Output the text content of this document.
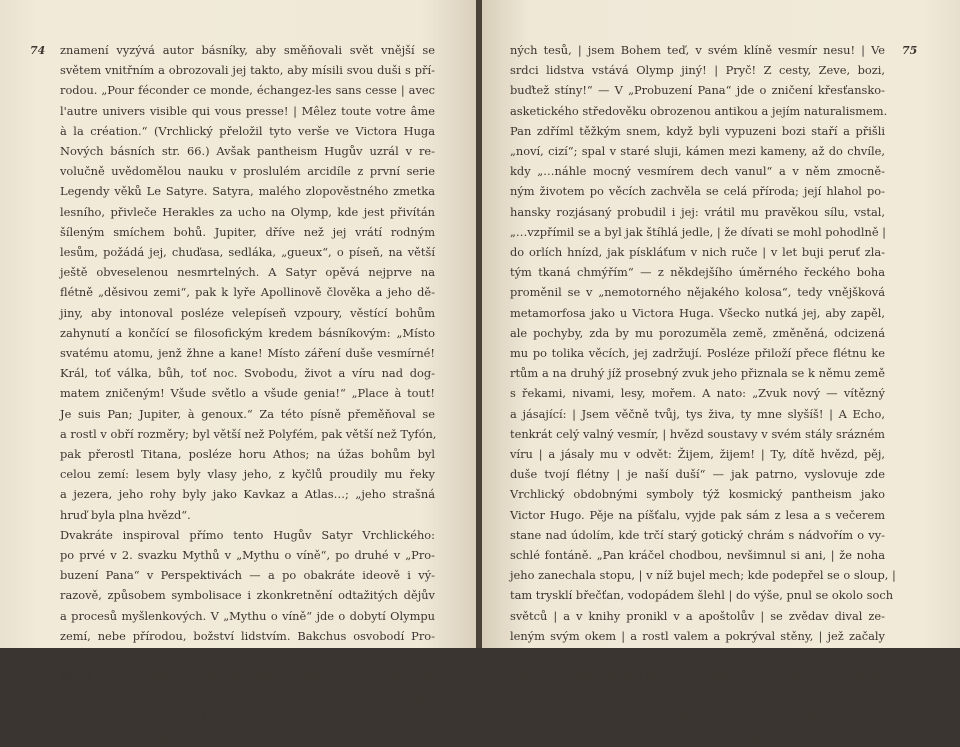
74 znamení vyzývá autor básníky, aby směňovali svět vnější se
světem vnitřním a obrozovali jej takto, aby mísili svou duši s pří-
rodou. „Pour féconder ce monde, échangez-les sans cesse | avec
l'autre univers visible qui vous presse! | Mêlez toute votre âme
à la création.“ (Vrchlický přeložil tyto verše ve Victora Huga
Nových básních str. 66.) Avšak pantheism Hugův uzrál v re-
volučně uvědomělou nauku v proslulém arcidíle z první serie
Legendy věků Le Satyre. Satyra, malého zlopověstného zmetka
lesního, přivleče Herakles za ucho na Olymp, kde jest přivítán
šíleným smíchem bohů. Jupiter, dříve než jej vrátí rodným
lesům, požádá jej, chuďasa, sedláka, „gueux“, o píseň, na větší
ještě obveselenou nesmrtelných. A Satyr opěvá nejprve na
flétně „děsivou zemi“, pak k lyře Apollinově člověka a jeho dě-
jiny, aby intonoval posléze velepíseň vzpoury, věstící bohům
zahynutí a končící se filosofickým kredem básníkovým: „Místo
svatému atomu, jenž žhne a kane! Místo záření duše vesmírné!
Král, toť válka, bůh, toť noc. Svobodu, život a víru nad dog-
matem zničeným! Všude světlo a všude genia!“ „Place à tout!
Je suis Pan; Jupiter, à genoux.“ Za této písně přeměňoval se
a rostl v obří rozměry; byl větší než Polyfém, pak větší než Tyfón,
pak přerostl Titana, posléze horu Athos; na úžas bohům byl
celou zemí: lesem byly vlasy jeho, z kyčlů proudily mu řeky
a jezera, jeho rohy byly jako Kavkaz a Atlas…; „jeho strašná
hruď byla plna hvězd“.
Dvakráte inspiroval přímo tento Hugův Satyr Vrchlického:
po prvé v 2. svazku Mythů v „Mythu o víně“, po druhé v „Pro-
buzení Pana“ v Perspektivách — a po obakráte ideově i vý-
razově, způsobem symbolisace i zkonkretnění odtažitých dějův
a procesů myšlenkových. V „Mythu o víně“ jde o dobytí Olympu
zemí, nebe přírodou, božství lidstvím. Bakchus osvobodí Pro-
methea, který také jako Satyr Hugův dorůstá naráz děsivé ve-
likosti („před ním jest Kavkaz malý, trpaslíci“) a v průvodu
menad, faunů, lidí vniká na Olymp a obrací jej i s jeho bohy
v hrob, dým, mlhu. Jako Satyr Hugův volá na Zeva: „Jsem
myšlenka, jíž nikdo neodolá! | Kdys vbita na štít srázných, skal-
75
ných tesů, | jsem Bohem teď, v svém klíně vesmír nesu! | Ve
srdci lidstva vstává Olymp jiný! | Pryč! Z cesty, Zeve, bozi,
buďtež stíny!“ — V „Probuzení Pana“ jde o zničení křesťansko-
asketického středověku obrozenou antikou a jejím naturalismem.
Pan zdříml těžkým snem, když byli vypuzeni bozi staří a přišli
„noví, cizí“; spal v staré sluji, kámen mezi kameny, až do chvíle,
kdy „…náhle mocný vesmírem dech vanul“ a v něm zmocně-
ným životem po věcích zachvěla se celá příroda; její hlahol po-
hansky rozjásaný probudil i jej: vrátil mu pravěkou sílu, vstal,
„…vzpřímil se a byl jak štíhlá jedle, | že dívati se mohl pohodlně |
do orlích hnízd, jak pískláťum v nich ruče | v let buji peruť zla-
tým tkaná chmýřím“ — z někdejšího úměrného řeckého boha
proměnil se v „nemotorného nějakého kolosa“, tedy vnějšková
metamorfosa jako u Victora Huga. Všecko nutká jej, aby zapěl,
ale pochyby, zda by mu porozuměla země, změněná, odcizená
mu po tolika věcích, jej zadržují. Posléze přiloží přece flétnu ke
rtům a na druhý jíž prosebný zvuk jeho přiznala se k němu země
s řekami, nivami, lesy, mořem. A nato: „Zvuk nový — vítězný
a jásající: | Jsem věčně tvůj, tys živa, ty mne slyšíš! | A Echo,
tenkrát celý valný vesmír, | hvězd soustavy v svém stály srázném
víru | a jásaly mu v odvět: Žijem, žijem! | Ty, dítě hvězd, pěj,
duše tvojí flétny | je naší duší“ — jak patrno, vyslovuje zde
Vrchlický obdobnými symboly týž kosmický pantheism jako
Victor Hugo. Pěje na píšťalu, vyjde pak sám z lesa a s večerem
stane nad údolím, kde trčí starý gotický chrám s nádvořím o vy-
schlé fontáně. „Pan kráčel chodbou, nevšimnul si ani, | že noha
jeho zanechala stopu, | v níž bujel mech; kde podepřel se o sloup, |
tam trysklí břečťan, vodopádem šlehl | do výše, pnul se okolo soch
světců | a v knihy pronikl v a apoštolův | se zvědav dival ze-
leným svým okem | a rostl valem a pokrýval stěny, | jež začaly
se zvolna rozpadávat, | jak Pana kroky v dál se rozléhaly.“
Vkročí v chrám, přiloží flétnu ke rtům, a jak zapěje, sochy padají
se zdi. „A velký Pan šel vítězně dál chrámem, | až k stropu sáhal
hlavou svou a před ní | se skláněli na stropu andílkové | a pa-
dali…“ Jediná duše varhan odváží se vzpříčiti se mu, ale brzy
